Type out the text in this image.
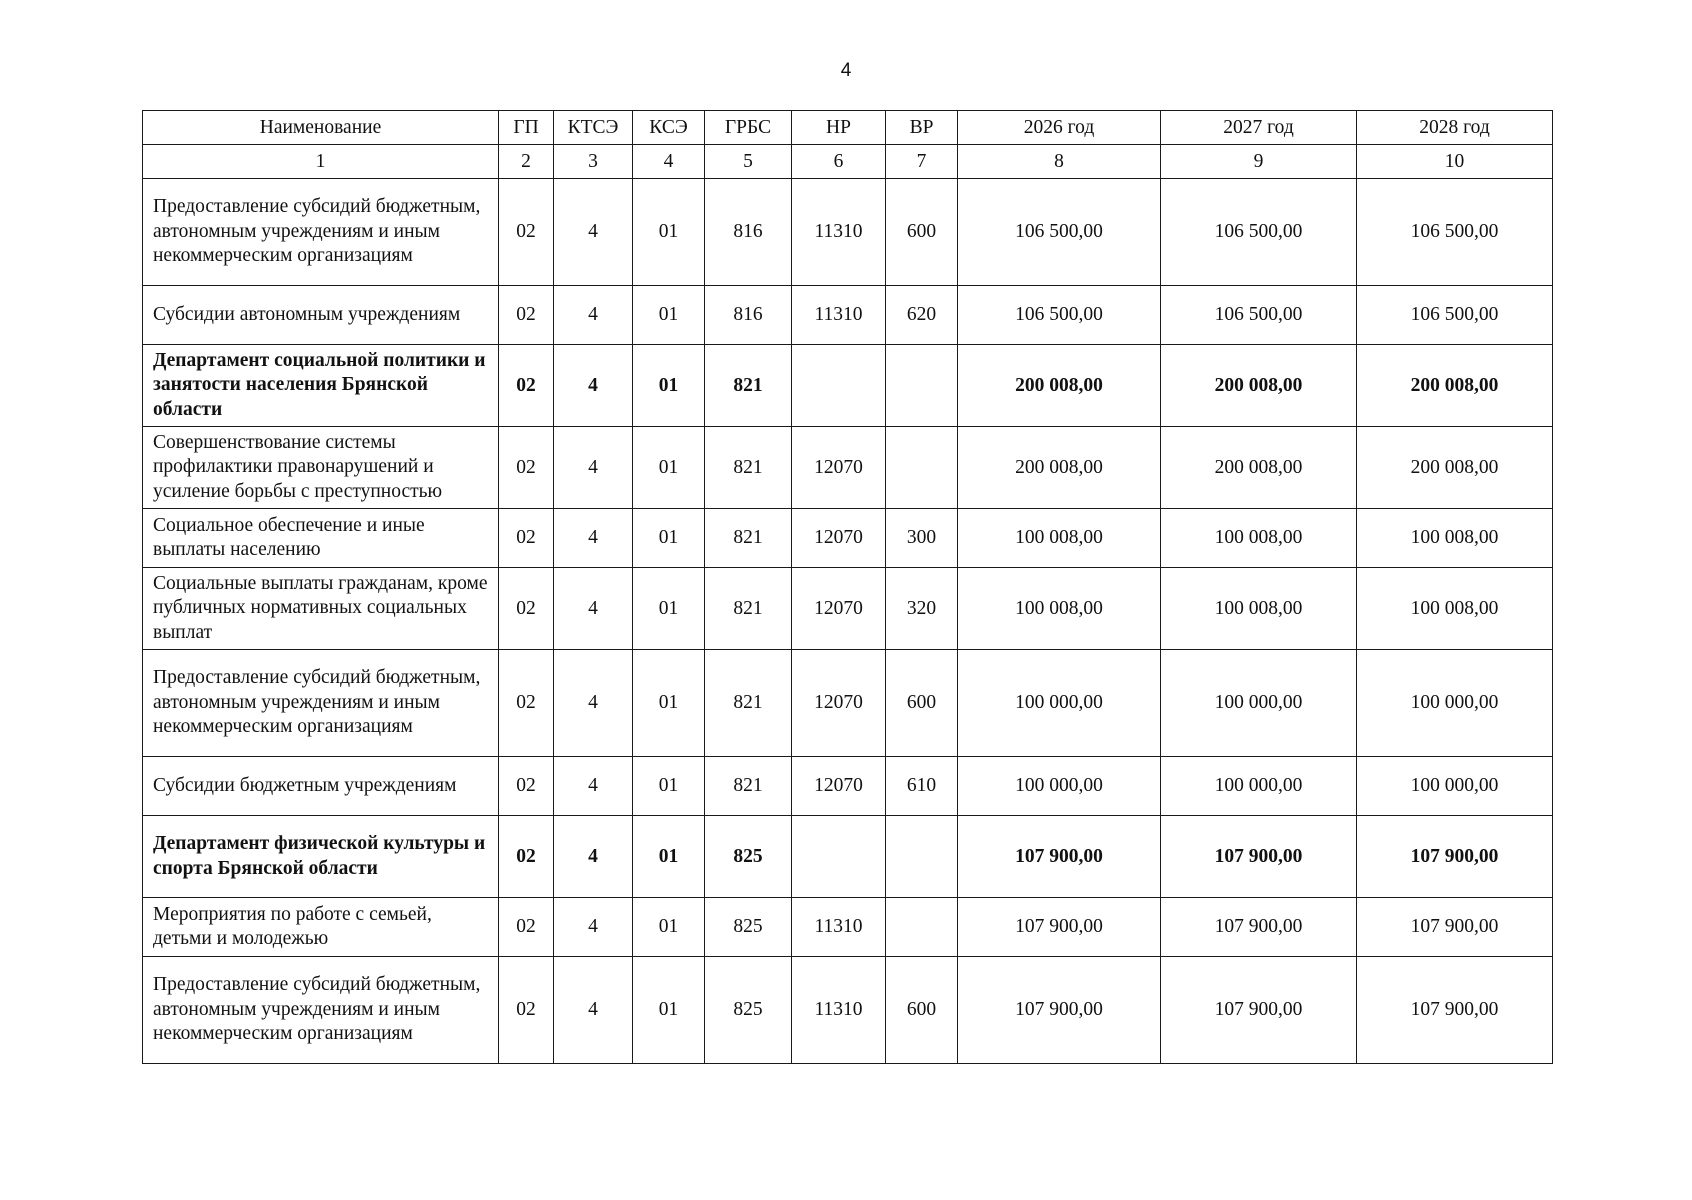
4
Наименование	ГП	КТСЭ	КСЭ	ГРБС	НР	ВР	2026 год	2027 год	2028 год
1	2	3	4	5	6	7	8	9	10
Предоставление субсидий бюджетным, автономным учреждениям и иным некоммерческим организациям	02	4	01	816	11310	600	106 500,00	106 500,00	106 500,00
Субсидии автономным учреждениям	02	4	01	816	11310	620	106 500,00	106 500,00	106 500,00
Департамент социальной политики и занятости населения Брянской области	02	4	01	821			200 008,00	200 008,00	200 008,00
Совершенствование системы профилактики правонарушений и усиление борьбы с преступностью	02	4	01	821	12070		200 008,00	200 008,00	200 008,00
Социальное обеспечение и иные выплаты населению	02	4	01	821	12070	300	100 008,00	100 008,00	100 008,00
Социальные выплаты гражданам, кроме публичных нормативных социальных выплат	02	4	01	821	12070	320	100 008,00	100 008,00	100 008,00
Предоставление субсидий бюджетным, автономным учреждениям и иным некоммерческим организациям	02	4	01	821	12070	600	100 000,00	100 000,00	100 000,00
Субсидии бюджетным учреждениям	02	4	01	821	12070	610	100 000,00	100 000,00	100 000,00
Департамент физической культуры и спорта Брянской области	02	4	01	825			107 900,00	107 900,00	107 900,00
Мероприятия по работе с семьей, детьми и молодежью	02	4	01	825	11310		107 900,00	107 900,00	107 900,00
Предоставление субсидий бюджетным, автономным учреждениям и иным некоммерческим организациям	02	4	01	825	11310	600	107 900,00	107 900,00	107 900,00
